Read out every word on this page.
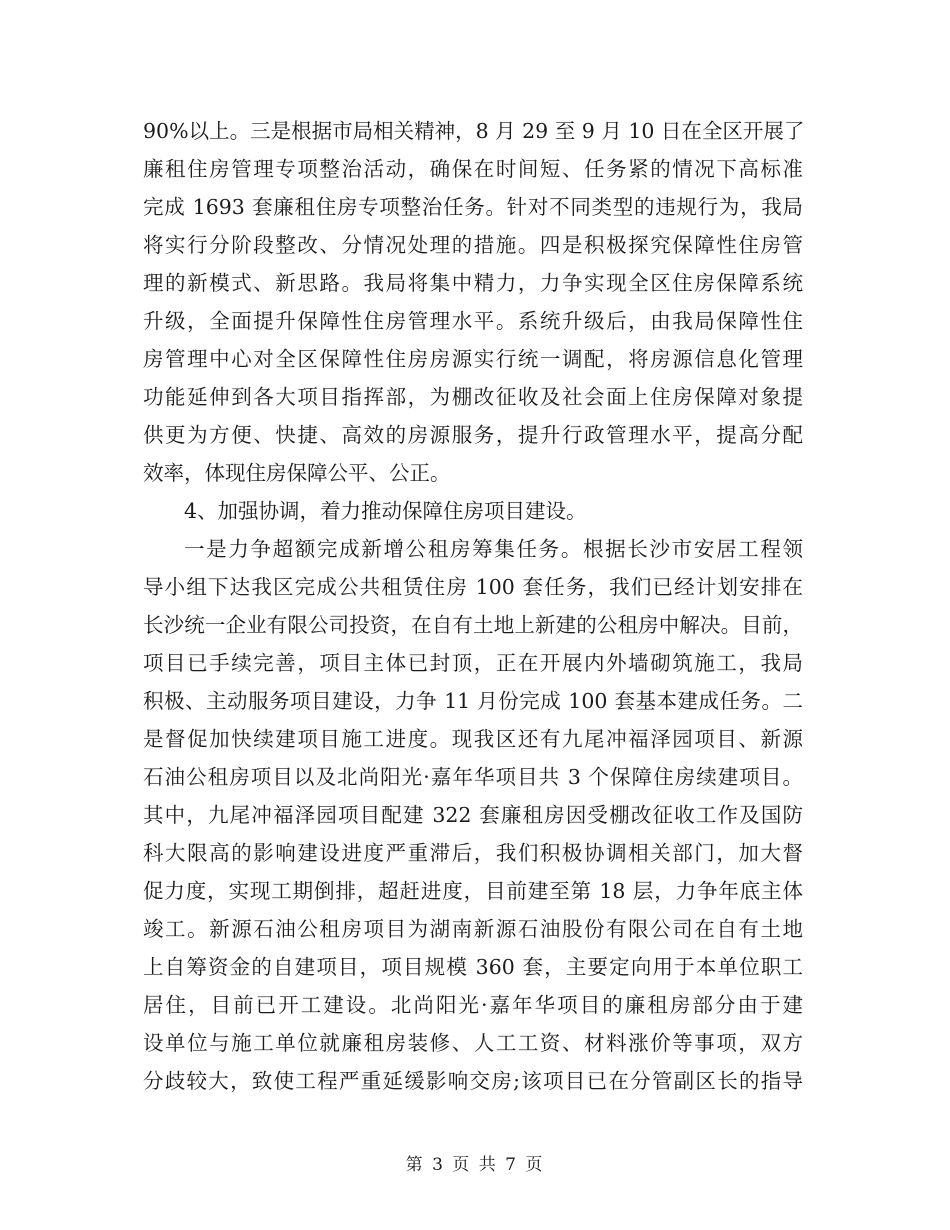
90%以上。三是根据市局相关精神，8 月 29 至 9 月 10 日在全区开展了
廉租住房管理专项整治活动，确保在时间短、任务紧的情况下高标准
完成 1693 套廉租住房专项整治任务。针对不同类型的违规行为，我局
将实行分阶段整改、分情况处理的措施。四是积极探究保障性住房管
理的新模式、新思路。我局将集中精力，力争实现全区住房保障系统
升级，全面提升保障性住房管理水平。系统升级后，由我局保障性住
房管理中心对全区保障性住房房源实行统一调配，将房源信息化管理
功能延伸到各大项目指挥部，为棚改征收及社会面上住房保障对象提
供更为方便、快捷、高效的房源服务，提升行政管理水平，提高分配
效率，体现住房保障公平、公正。
4、加强协调，着力推动保障住房项目建设。
一是力争超额完成新增公租房筹集任务。根据长沙市安居工程领
导小组下达我区完成公共租赁住房 100 套任务，我们已经计划安排在
长沙统一企业有限公司投资，在自有土地上新建的公租房中解决。目前，
项目已手续完善，项目主体已封顶，正在开展内外墙砌筑施工，我局
积极、主动服务项目建设，力争 11 月份完成 100 套基本建成任务。二
是督促加快续建项目施工进度。现我区还有九尾冲福泽园项目、新源
石油公租房项目以及北尚阳光·嘉年华项目共 3 个保障住房续建项目。
其中，九尾冲福泽园项目配建 322 套廉租房因受棚改征收工作及国防
科大限高的影响建设进度严重滞后，我们积极协调相关部门，加大督
促力度，实现工期倒排，超赶进度，目前建至第 18 层，力争年底主体
竣工。新源石油公租房项目为湖南新源石油股份有限公司在自有土地
上自筹资金的自建项目，项目规模 360 套，主要定向用于本单位职工
居住，目前已开工建设。北尚阳光·嘉年华项目的廉租房部分由于建
设单位与施工单位就廉租房装修、人工工资、材料涨价等事项，双方
分歧较大，致使工程严重延缓影响交房;该项目已在分管副区长的指导
第 3 页 共 7 页
